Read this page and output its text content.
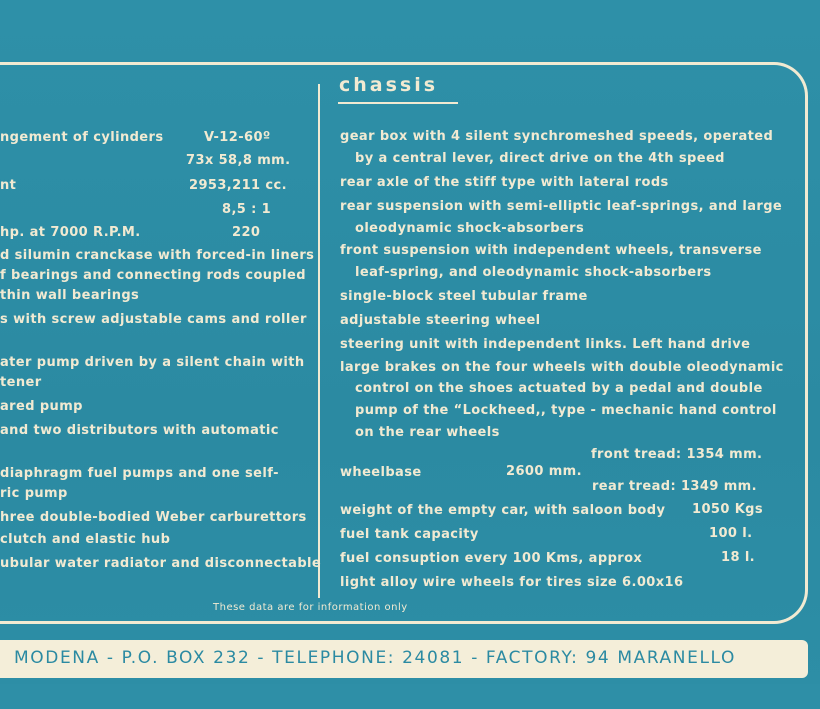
ngement of cylinders	V-12-60º
73x 58,8 mm.
nt	2953,211 cc.
8,5 : 1
hp. at 7000 R.P.M.	220
d silumin cranckase with forced-in liners
f bearings and connecting rods coupled
thin wall bearings
s with screw adjustable cams and roller
ater pump driven by a silent chain with
tener
ared pump
and two distributors with automatic
diaphragm fuel pumps and one self-
ric pump
hree double-bodied Weber carburettors
clutch and elastic hub
ubular water radiator and disconnectable
chassis
gear box with 4 silent synchromeshed speeds, operated
by a central lever, direct drive on the 4th speed
rear axle of the stiff type with lateral rods
rear suspension with semi-elliptic leaf-springs, and large
oleodynamic shock-absorbers
front suspension with independent wheels, transverse
leaf-spring, and oleodynamic shock-absorbers
single-block steel tubular frame
adjustable steering wheel
steering unit with independent links. Left hand drive
large brakes on the four wheels with double oleodynamic
control on the shoes actuated by a pedal and double
pump of the “Lockheed,, type - mechanic hand control
on the rear wheels
front tread: 1354 mm.
wheelbase	2600 mm.
rear tread: 1349 mm.
weight of the empty car, with saloon body 1050 Kgs
fuel tank capacity	100 l.
fuel consuption every 100 Kms, approx	18 l.
light alloy wire wheels for tires size 6.00x16
These data are for information only
MODENA - P.O. BOX 232 - TELEPHONE: 24081 - FACTORY: 94 MARANELLO
